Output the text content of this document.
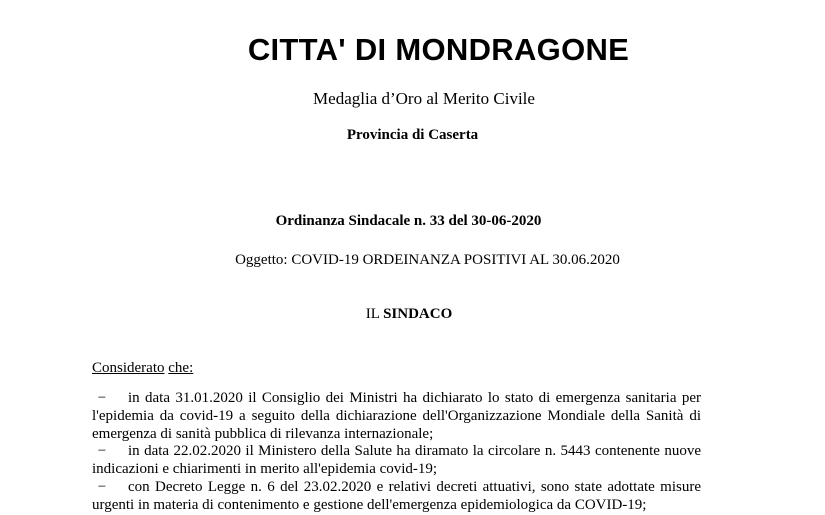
CITTA' DI MONDRAGONE
Medaglia d’Oro al Merito Civile
Provincia di Caserta
Ordinanza Sindacale n. 33 del 30-06-2020
Oggetto: COVID-19 ORDEINANZA POSITIVI AL 30.06.2020
IL SINDACO
Considerato che:
−	in data 31.01.2020 il Consiglio dei Ministri ha dichiarato lo stato di emergenza sanitaria per l'epidemia da covid-19 a seguito della dichiarazione dell'Organizzazione Mondiale della Sanità di emergenza di sanità pubblica di rilevanza internazionale;
−	in data 22.02.2020 il Ministero della Salute ha diramato la circolare n. 5443 contenente nuove indicazioni e chiarimenti in merito all'epidemia covid-19;
−	con Decreto Legge n. 6 del 23.02.2020 e relativi decreti attuativi, sono state adottate misure urgenti in materia di contenimento e gestione dell'emergenza epidemiologica da COVID-19;
